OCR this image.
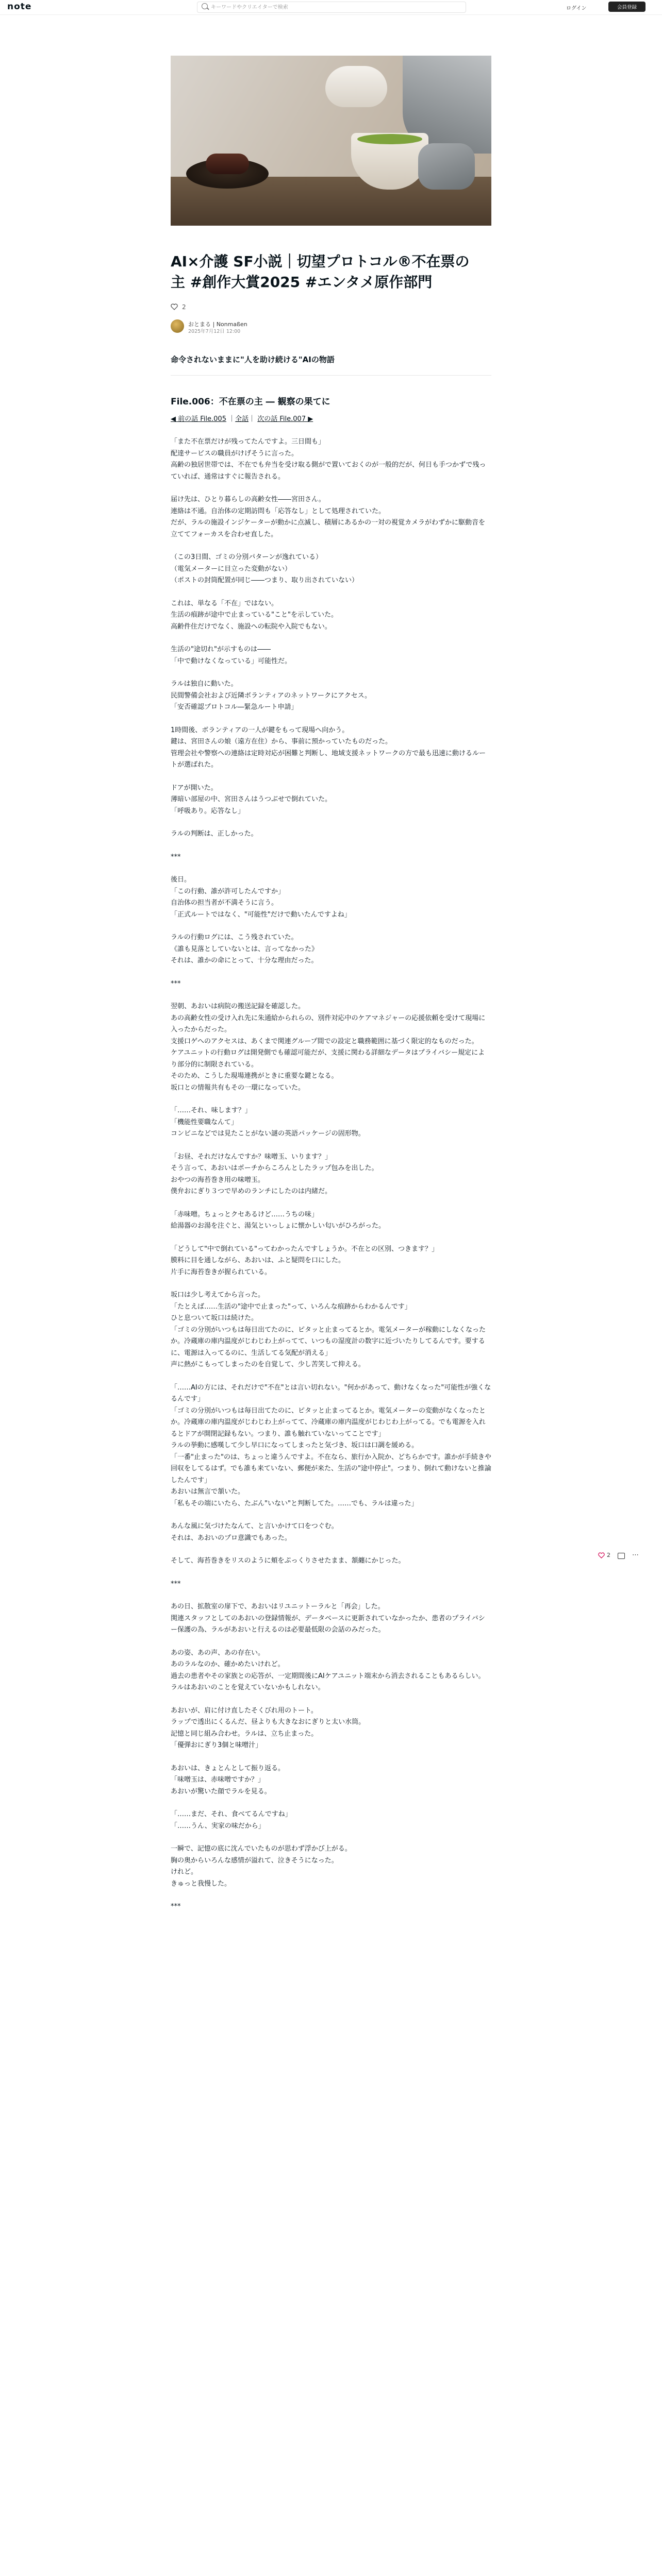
note
キーワードやクリエイターで検索	ログイン	会員登録
AI×介護 SF小説｜切望プロトコル®不在票の主 #創作大賞2025 #エンタメ原作部門
2
おとまる | Nonmaßen
2025年7月12日 12:00

命令されないままに"人を助け続ける"AIの物語

File.006：不在票の主 ― 観察の果てに

◀ 前の話 File.005 ｜全話｜ 次の話 File.007 ▶

「また不在票だけが残ってたんですよ。三日間も」
配達サービスの職員がけげそうに言った。
高齢の独居世帯では、不在でも弁当を受け取る側がで置いておくのが一般的だが、何日も手つかずで残っていれば、通常はすぐに報告される。

届け先は、ひとり暮らしの高齢女性――宮田さん。
連絡は不通。自治体の定期訪問も「応答なし」として処理されていた。
だが、ラルの施設インジケーターが動かに点滅し、積層にあるかの一対の視覚カメラがわずかに駆動音を立ててフォーカスを合わせ直した。

（この3日間、ゴミの分別パターンが逸れている）
（電気メーターに目立った変動がない）
（ポストの封筒配置が同じ――つまり、取り出されていない）

これは、単なる「不在」ではない。
生活の痕跡が途中で止まっている"こと"を示していた。
高齢件住だけでなく、施設への転院や入院でもない。

生活の"途切れ"が示すものは――
「中で動けなくなっている」可能性だ。

ラルは独自に動いた。
民間警備会社および近隣ボランティアのネットワークにアクセス。
「安否確認プロトコル―緊急ルート申請」

1時間後、ボランティアの一人が鍵をもって現場へ向かう。
鍵は、宮田さんの娘（遠方在住）から、事前に預かっていたものだった。
管理会社や警察への連絡は定時対応が困難と判断し、地域支援ネットワークの方で最も迅速に動けるルートが選ばれた。

ドアが開いた。
薄暗い部屋の中、宮田さんはうつぶせで倒れていた。
「呼吸あり。応答なし」

ラルの判断は、正しかった。

***

後日。
「この行動、誰が許可したんですか」
自治体の担当者が不満そうに言う。
「正式ルートではなく、"可能性"だけで動いたんですよね」

ラルの行動ログには、こう残されていた。
《誰も見落としていないとは、言ってなかった》
それは、誰かの命にとって、十分な理由だった。

***

翌朝、あおいは病院の搬送記録を確認した。
あの高齢女性の受け入れ先に朱通給かられらの、別件対応中のケアマネジャーの応援依頼を受けて現場に入ったからだった。
支援口ゲへのアクセスは、あくまで関連グループ間での設定と職務範囲に基づく限定的なものだった。
ケアユニットの行動ログは開発側でも確認可能だが、支援に関わる詳細なデータはプライバシー規定により部分的に制限されている。
そのため、こうした現場連携がときに重要な鍵となる。
坂口との情報共有もその一環になっていた。

「……それ、味します？」
「機能性要職なんて」
コンビニなどでは見たことがない謎の英語パッケージの固形物。

「お昼、それだけなんですか？味噌玉、いります？」
そう言って、あおいはポーチからころんとしたラップ包みを出した。
おやつの海苔巻き用の味噌玉。
僕弁おにぎり３つで早めのランチにしたのは内緒だ。

「赤味噌。ちょっとクセあるけど……うちの味」
給湯器のお湯を注ぐと、湯気といっしょに懐かしい匂いがひろがった。

「どうして"中で倒れている"ってわかったんですしょうか。不在との区別、つきます？」
膜料に目を通しながら、あおいは、ふと疑問を口にした。
片手に海苔巻きが握られている。

坂口は少し考えてから言った。
「たとえば……生活の"途中で止まった"って、いろんな痕跡からわかるんです」
ひと息ついて坂口は続けた。
「ゴミの分別がいつもは毎日出てたのに、ピタッと止まってるとか。電気メーターが稼動にしなくなったか。冷蔵庫の庫内温度がじわじわ上がってて、いつもの湿度計の数字に近づいたりしてるんです。要するに、電源は入ってるのに、生活してる気配が消える」
声に熱がこもってしまったのを自覚して、少し苦笑して抑える。

「……AIの方には、それだけで"不在"とは言い切れない。"何かがあって、動けなくなった"可能性が強くなるんです」
「ゴミの分別がいつもは毎日出てたのに、ピタッと止まってるとか。電気メーターの変動がなくなったとか。冷蔵庫の庫内温度がじわじわ上がってて、冷蔵庫の庫内温度がじわじわ上がってる。でも電源を入れるとドアが開閉記録もない。つまり、誰も触れていないってことです」
ラルの挙動に感嘆して少し早口になってしまったと気づき、坂口は口調を緩める。
「一番"止まった"のは、ちょっと違うんですよ。不在なら、旅行か入院か、どちらかです。誰かが手続きや回収をしてるはず。でも誰も来ていない、郵便が来た、生活の"途中停止"。つまり、倒れて動けないと推論したんです」
あおいは無言で頷いた。
「私もその端にいたら、たぶん"いない"と判断してた。……でも、ラルは違った」

あんな風に気づけたなんて、と言いかけて口をつぐむ。
それは、あおいのプロ意識でもあった。

そして、海苔巻きをリスのように頬をぷっくりさせたまま、頷纏にかじった。

***

あの日、拡散室の扉下で、あおいはリユニットーラルと「再会」した。
関連スタッフとしてのあおいの登録情報が、データベースに更新されていなかったか、患者のプライバシー保護の為、ラルがあおいと行えるのは必要最低限の会話のみだった。

あの姿、あの声、あの存在い。
あのラルなのか、確かめたいけれど。
過去の患者やその家族との応答が、一定期間後にAIケアユニット端末から消去されることもあるらしい。
ラルはあおいのことを覚えていないかもしれない。

あおいが、肩に付け直したそくびれ用のトート。
ラップで透出にくるんだ、昼よりも大きなおにぎりと太い水筒。
記憶と同じ組み合わせ。ラルは、立ち止まった。
「優弾おにぎり3個と味噌汁」

あおいは、きょとんとして振り返る。
「味噌玉は、赤味噌ですか？」
あおいが驚いた顔でラルを見る。

「……まだ、それ、食べてるんですね」
「……うん、実家の味だから」

一瞬で、記憶の底に沈んでいたものが思わず浮かび上がる。
胸の奥からいろんな感情が溢れて、泣きそうになった。
けれど。
きゅっと我慢した。

***

2	⋯
